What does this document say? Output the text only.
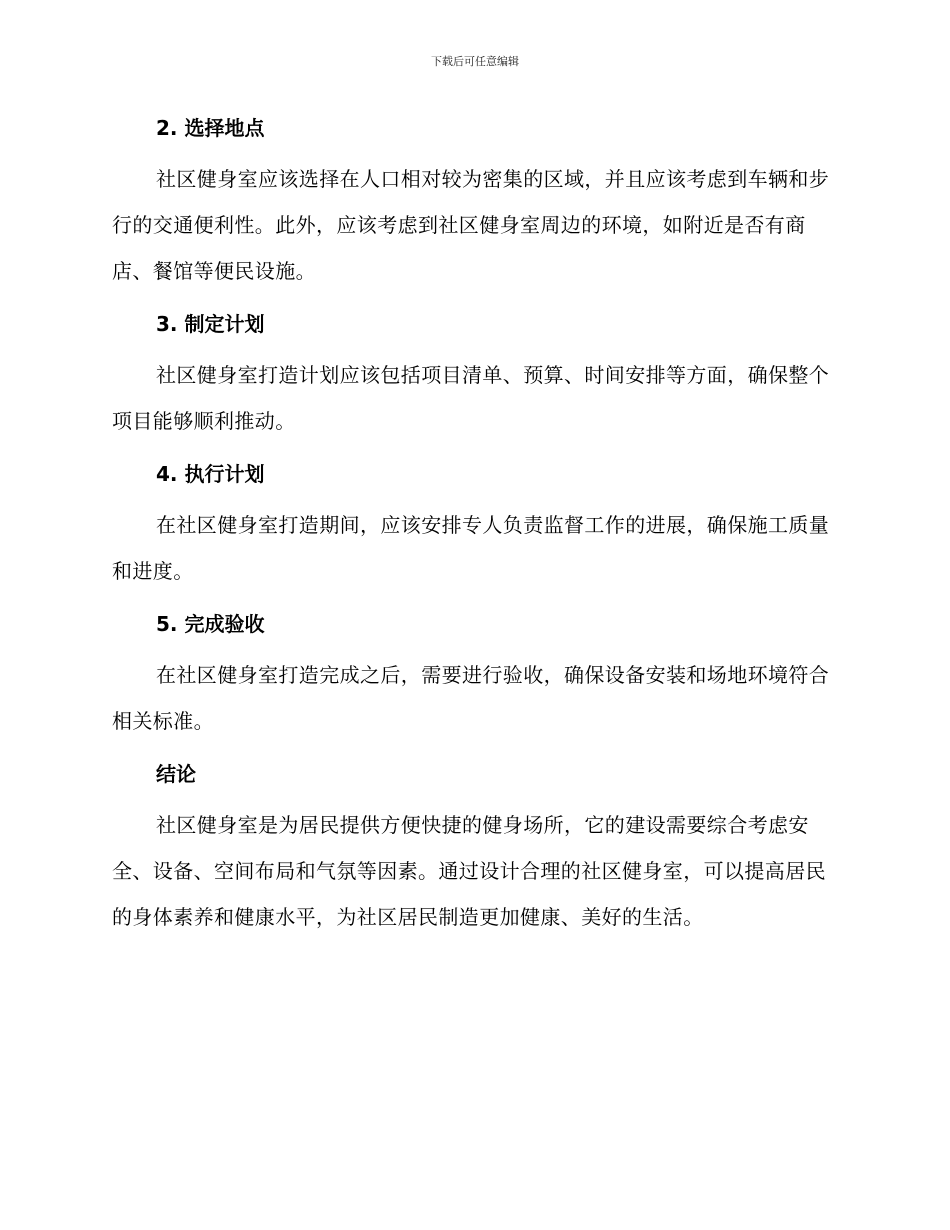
下载后可任意编辑
2. 选择地点

社区健身室应该选择在人口相对较为密集的区域，并且应该考虑到车辆和步行的交通便利性。此外，应该考虑到社区健身室周边的环境，如附近是否有商店、餐馆等便民设施。

3. 制定计划

社区健身室打造计划应该包括项目清单、预算、时间安排等方面，确保整个项目能够顺利推动。

4. 执行计划

在社区健身室打造期间，应该安排专人负责监督工作的进展，确保施工质量和进度。

5. 完成验收

在社区健身室打造完成之后，需要进行验收，确保设备安装和场地环境符合相关标准。

结论

社区健身室是为居民提供方便快捷的健身场所，它的建设需要综合考虑安全、设备、空间布局和气氛等因素。通过设计合理的社区健身室，可以提高居民的身体素养和健康水平，为社区居民制造更加健康、美好的生活。
